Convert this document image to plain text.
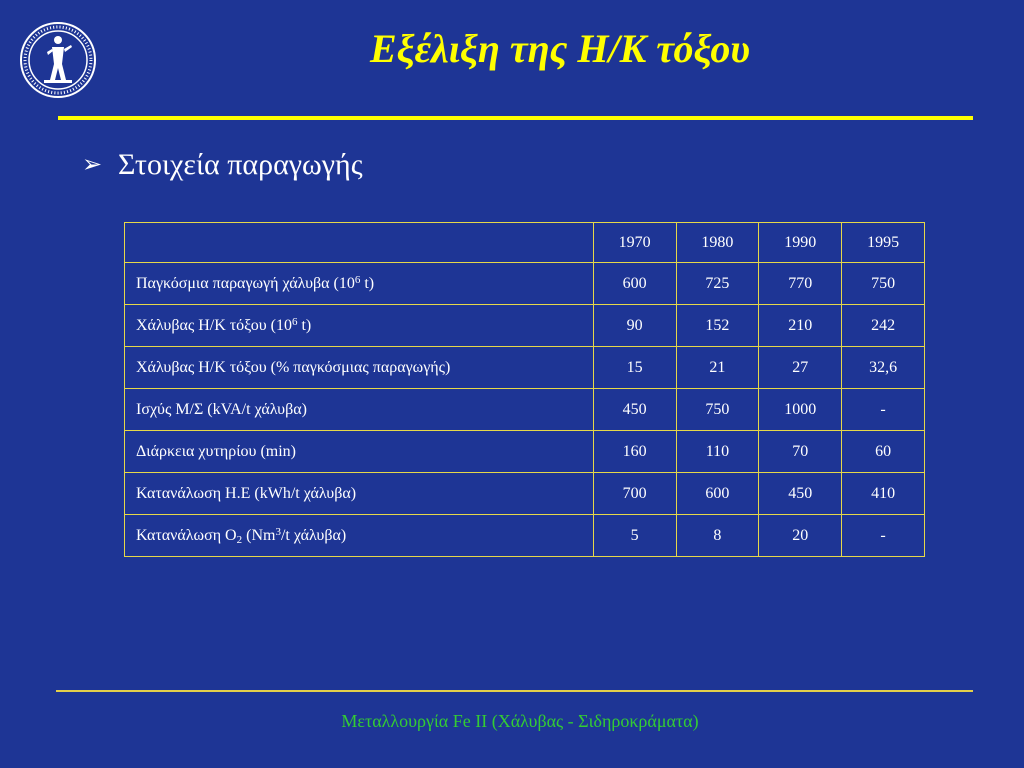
Εξέλιξη της Η/Κ τόξου
➢ Στοιχεία παραγωγής
	1970	1980	1990	1995
Παγκόσμια παραγωγή χάλυβα ($10^6$ t)	600	725	770	750
Χάλυβας Η/Κ τόξου ($10^6$ t)	90	152	210	242
Χάλυβας Η/Κ τόξου (% παγκόσμιας παραγωγής)	15	21	27	32,6
Ισχύς Μ/Σ (kVA/t χάλυβα)	450	750	1000	-
Διάρκεια χυτηρίου (min)	160	110	70	60
Κατανάλωση Η.Ε (kWh/t χάλυβα)	700	600	450	410
Κατανάλωση $O_2$ (Nm$^3$/t χάλυβα)	5	8	20	-
Μεταλλουργία Fe II (Χάλυβας - Σιδηροκράματα)
